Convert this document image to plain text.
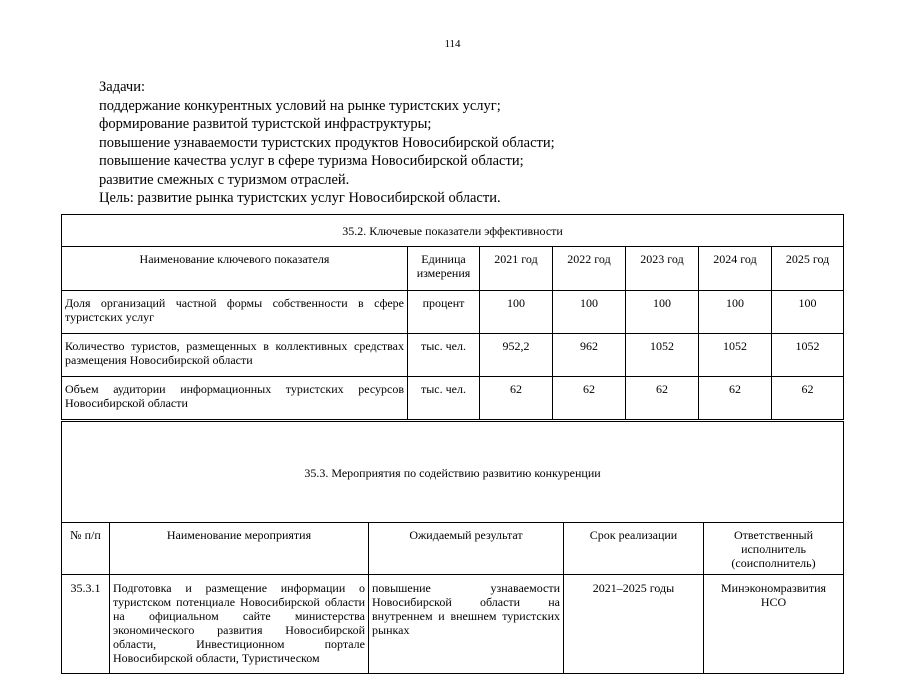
114
Задачи:
поддержание конкурентных условий на рынке туристских услуг;
формирование развитой туристской инфраструктуры;
повышение узнаваемости туристских продуктов Новосибирской области;
повышение качества услуг в сфере туризма Новосибирской области;
развитие смежных с туризмом отраслей.
Цель: развитие рынка туристских услуг Новосибирской области.
35.2. Ключевые показатели эффективности						
Наименование ключевого показателя	Единица измерения	2021 год	2022 год	2023 год	2024 год	2025 год
Доля организаций частной формы собственности в сфере туристских услуг	процент	100	100	100	100	100
Количество туристов, размещенных в коллективных средствах размещения Новосибирской области	тыс. чел.	952,2	962	1052	1052	1052
Объем аудитории информационных туристских ресурсов Новосибирской области	тыс. чел.	62	62	62	62	62
35.3. Мероприятия по содействию развитию конкуренции				
№ п/п	Наименование мероприятия	Ожидаемый результат	Срок реализации	Ответственный исполнитель (соисполнитель)
35.3.1	Подготовка и размещение информации о туристском потенциале Новосибирской области на официальном сайте министерства экономического развития Новосибирской области, Инвестиционном портале Новосибирской области, Туристическом	повышение узнаваемости Новосибирской области на внутреннем и внешнем туристских рынках	2021–2025 годы	Минэкономразвития НСО
